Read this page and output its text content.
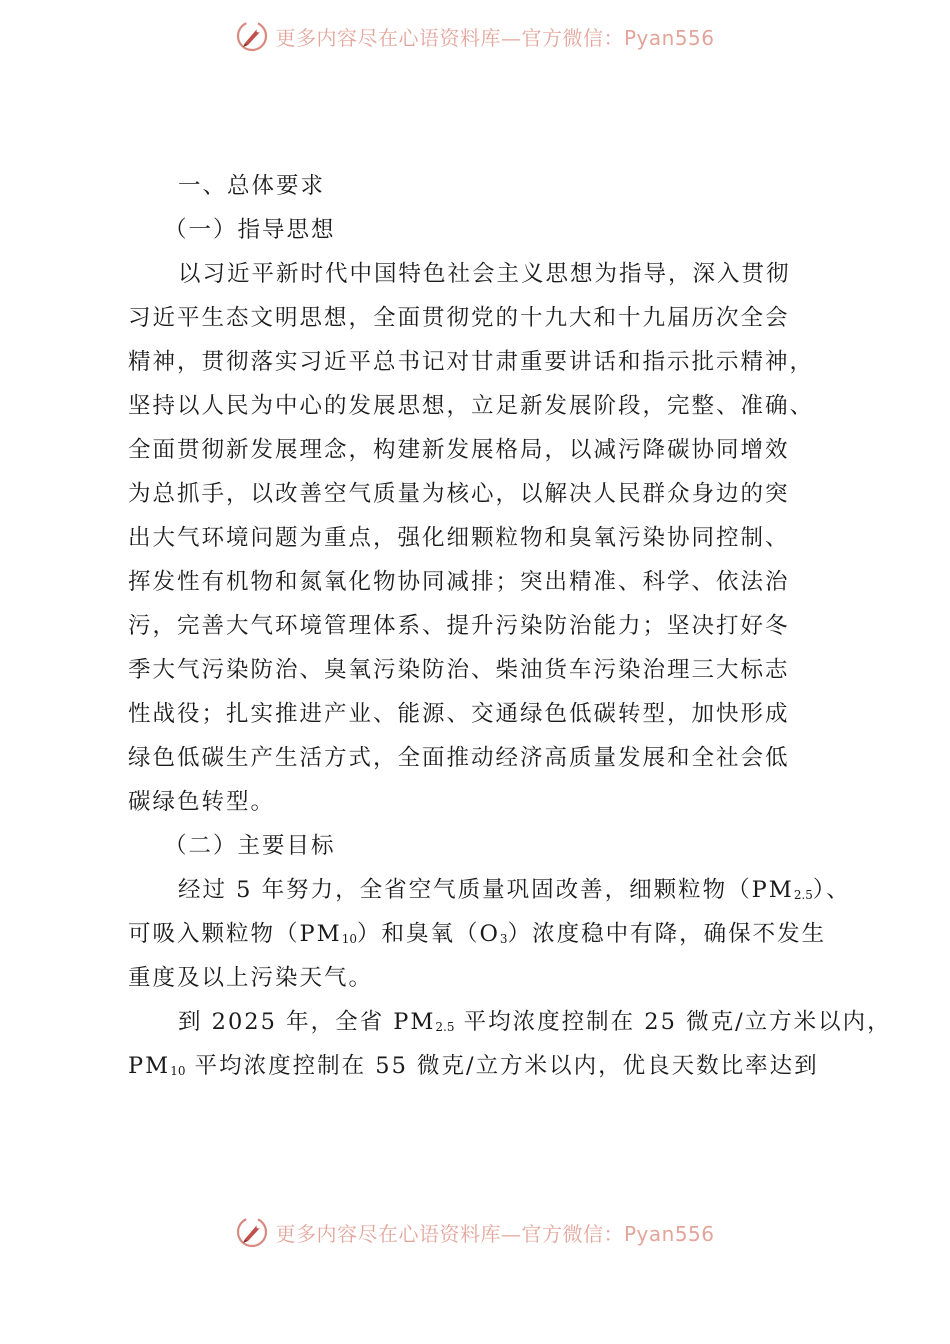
更多内容尽在心语资料库—官方微信：Pyan556
一、总体要求
（一）指导思想
以习近平新时代中国特色社会主义思想为指导，深入贯彻
习近平生态文明思想，全面贯彻党的十九大和十九届历次全会
精神，贯彻落实习近平总书记对甘肃重要讲话和指示批示精神，
坚持以人民为中心的发展思想，立足新发展阶段，完整、准确、
全面贯彻新发展理念，构建新发展格局，以减污降碳协同增效
为总抓手，以改善空气质量为核心，以解决人民群众身边的突
出大气环境问题为重点，强化细颗粒物和臭氧污染协同控制、
挥发性有机物和氮氧化物协同减排；突出精准、科学、依法治
污，完善大气环境管理体系、提升污染防治能力；坚决打好冬
季大气污染防治、臭氧污染防治、柴油货车污染治理三大标志
性战役；扎实推进产业、能源、交通绿色低碳转型，加快形成
绿色低碳生产生活方式，全面推动经济高质量发展和全社会低
碳绿色转型。
（二）主要目标
经过 5 年努力，全省空气质量巩固改善，细颗粒物$(PM_{2.5})$、
可吸入颗粒物$(PM_{10})$和臭氧$(O_3)$浓度稳中有降，确保不发生
重度及以上污染天气。
到 2025 年，全省 $PM_{2.5}$ 平均浓度控制在 25 微克/立方米以内，
$PM_{10}$ 平均浓度控制在 55 微克/立方米以内，优良天数比率达到
更多内容尽在心语资料库—官方微信：Pyan556
